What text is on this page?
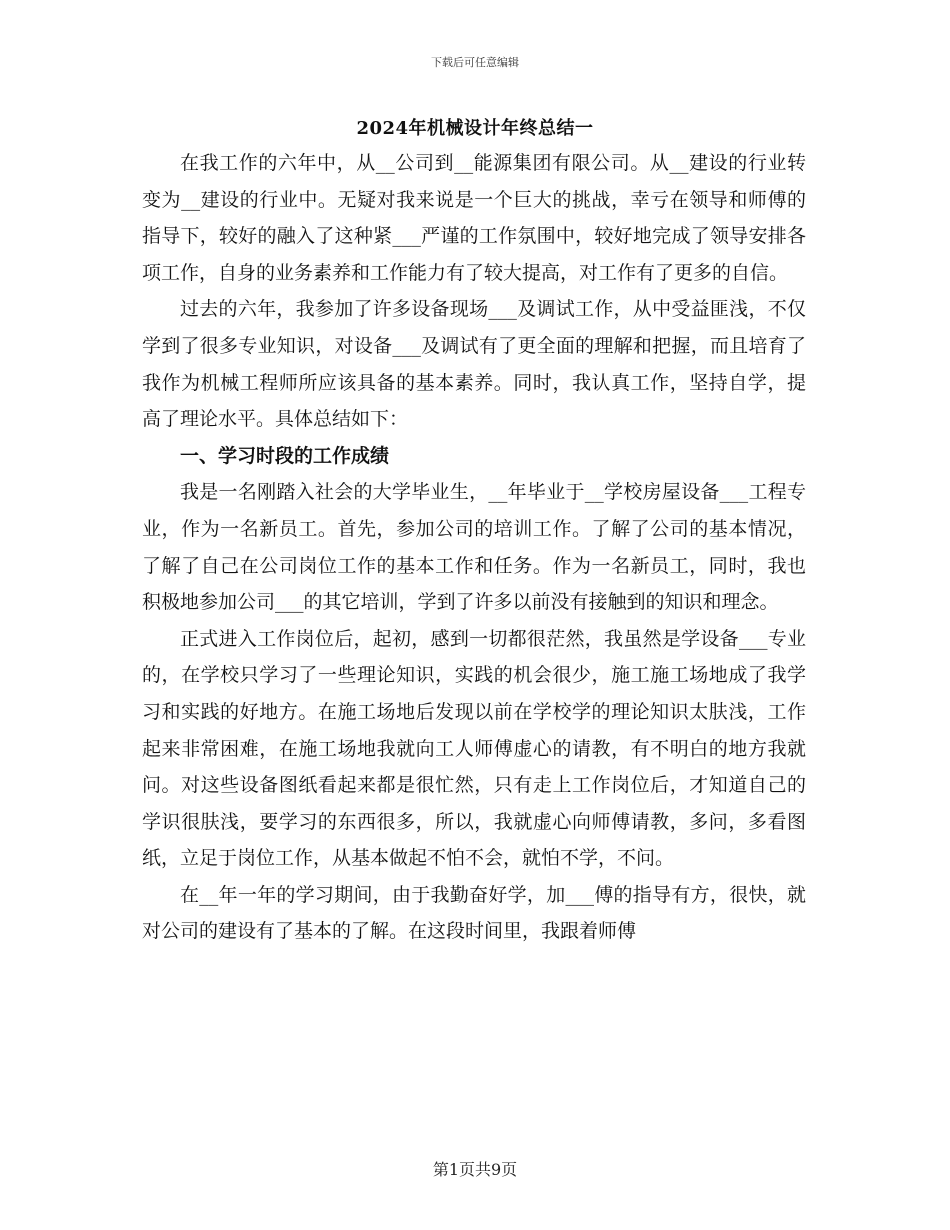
下载后可任意编辑
2024年机械设计年终总结一

在我工作的六年中，从__公司到__能源集团有限公司。从__建设的行业转变为__建设的行业中。无疑对我来说是一个巨大的挑战，幸亏在领导和师傅的指导下，较好的融入了这种紧___严谨的工作氛围中，较好地完成了领导安排各项工作，自身的业务素养和工作能力有了较大提高，对工作有了更多的自信。

过去的六年，我参加了许多设备现场___及调试工作，从中受益匪浅，不仅学到了很多专业知识，对设备___及调试有了更全面的理解和把握，而且培育了我作为机械工程师所应该具备的基本素养。同时，我认真工作，坚持自学，提高了理论水平。具体总结如下：

一、学习时段的工作成绩

我是一名刚踏入社会的大学毕业生，__年毕业于__学校房屋设备___工程专业，作为一名新员工。首先，参加公司的培训工作。了解了公司的基本情况，了解了自己在公司岗位工作的基本工作和任务。作为一名新员工，同时，我也积极地参加公司___的其它培训，学到了许多以前没有接触到的知识和理念。

正式进入工作岗位后，起初，感到一切都很茫然，我虽然是学设备___专业的，在学校只学习了一些理论知识，实践的机会很少，施工施工场地成了我学习和实践的好地方。在施工场地后发现以前在学校学的理论知识太肤浅，工作起来非常困难，在施工场地我就向工人师傅虚心的请教，有不明白的地方我就问。对这些设备图纸看起来都是很忙然，只有走上工作岗位后，才知道自己的学识很肤浅，要学习的东西很多，所以，我就虚心向师傅请教，多问，多看图纸，立足于岗位工作，从基本做起不怕不会，就怕不学，不问。

在__年一年的学习期间，由于我勤奋好学，加___傅的指导有方，很快，就对公司的建设有了基本的了解。在这段时间里，我跟着师傅

第1页共9页
